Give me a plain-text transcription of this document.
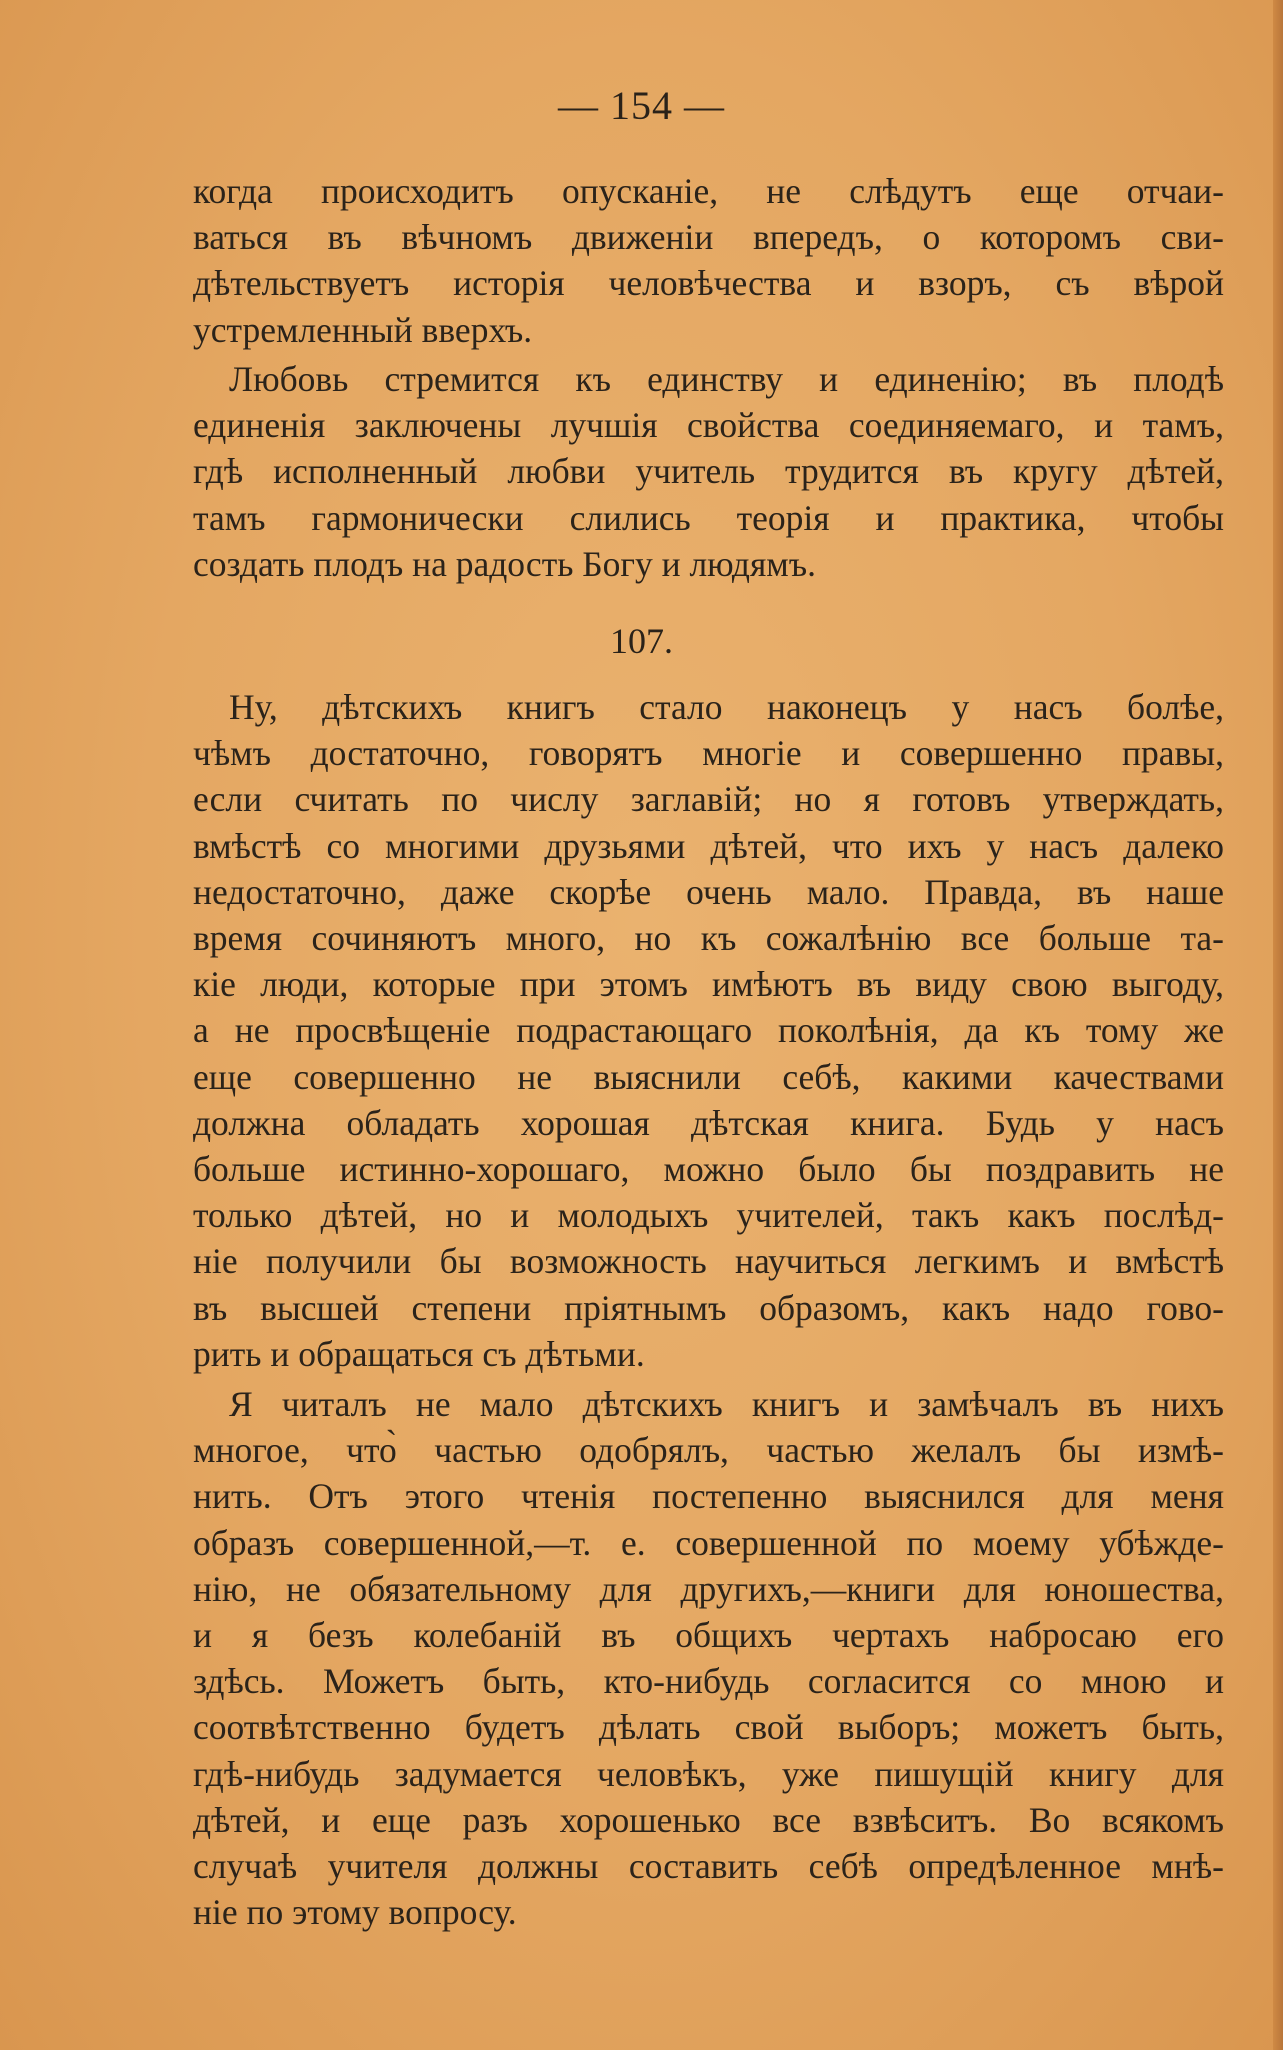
— 154 —
когда происходитъ опусканіе, не слѣдутъ еще отчаи-
ваться въ вѣчномъ движеніи впередъ, о которомъ сви-
дѣтельствуетъ исторія человѣчества и взоръ, съ вѣрой
устремленный вверхъ.
Любовь стремится къ единству и единенію; въ плодѣ
единенія заключены лучшія свойства соединяемаго, и тамъ,
гдѣ исполненный любви учитель трудится въ кругу дѣтей,
тамъ гармонически слились теорія и практика, чтобы
создать плодъ на радость Богу и людямъ.
107.
Ну, дѣтскихъ книгъ стало наконецъ у насъ болѣе,
чѣмъ достаточно, говорятъ многіе и совершенно правы,
если считать по числу заглавій; но я готовъ утверждать,
вмѣстѣ со многими друзьями дѣтей, что ихъ у насъ далеко
недостаточно, даже скорѣе очень мало. Правда, въ наше
время сочиняютъ много, но къ сожалѣнію все больше та-
кіе люди, которые при этомъ имѣютъ въ виду свою выгоду,
а не просвѣщеніе подрастающаго поколѣнія, да къ тому же
еще совершенно не выяснили себѣ, какими качествами
должна обладать хорошая дѣтская книга. Будь у насъ
больше истинно-хорошаго, можно было бы поздравить не
только дѣтей, но и молодыхъ учителей, такъ какъ послѣд-
ніе получили бы возможность научиться легкимъ и вмѣстѣ
въ высшей степени пріятнымъ образомъ, какъ надо гово-
рить и обращаться съ дѣтьми.
Я читалъ не мало дѣтскихъ книгъ и замѣчалъ въ нихъ
многое, что̀ частью одобрялъ, частью желалъ бы измѣ-
нить. Отъ этого чтенія постепенно выяснился для меня
образъ совершенной,—т. е. совершенной по моему убѣжде-
нію, не обязательному для другихъ,—книги для юношества,
и я безъ колебаній въ общихъ чертахъ набросаю его
здѣсь. Можетъ быть, кто-нибудь согласится со мною и
соотвѣтственно будетъ дѣлать свой выборъ; можетъ быть,
гдѣ-нибудь задумается человѣкъ, уже пишущій книгу для
дѣтей, и еще разъ хорошенько все взвѣситъ. Во всякомъ
случаѣ учителя должны составить себѣ опредѣленное мнѣ-
ніе по этому вопросу.
